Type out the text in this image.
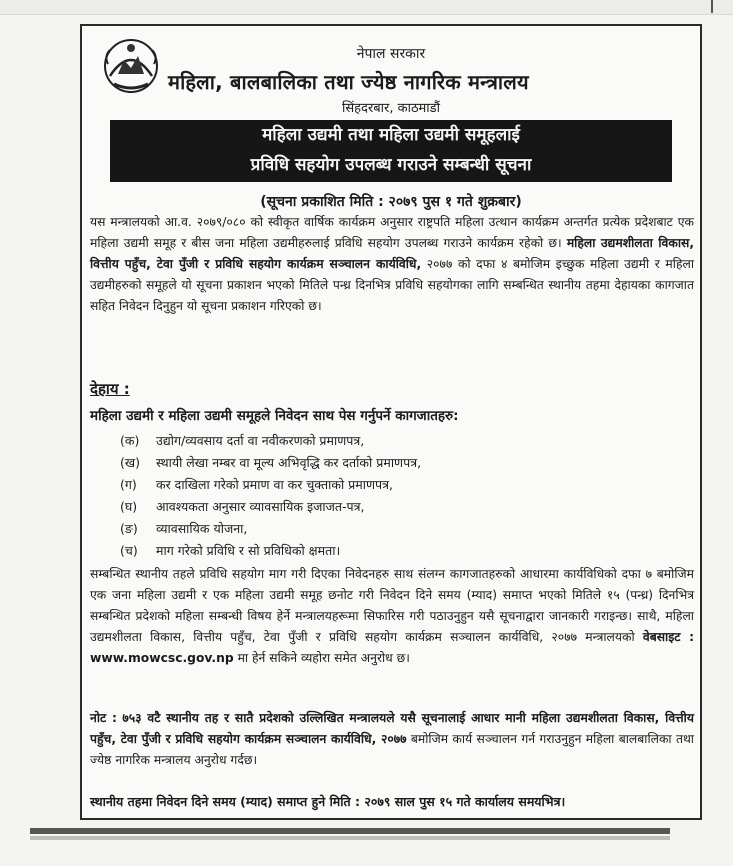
नेपाल सरकार
महिला, बालबालिका तथा ज्येष्ठ नागरिक मन्त्रालय
सिंहदरबार, काठमाडौं
महिला उद्यमी तथा महिला उद्यमी समूहलाई
प्रविधि सहयोग उपलब्ध गराउने सम्बन्धी सूचना
(सूचना प्रकाशित मिति : २०७९ पुस १ गते शुक्रबार)

यस मन्त्रालयको आ.व. २०७९/०८० को स्वीकृत वार्षिक कार्यक्रम अनुसार राष्ट्रपति महिला उत्थान कार्यक्रम अन्तर्गत प्रत्येक प्रदेशबाट एक महिला उद्यमी समूह र बीस जना महिला उद्यमीहरुलाई प्रविधि सहयोग उपलब्ध गराउने कार्यक्रम रहेको छ। महिला उद्यमशीलता विकास, वित्तीय पहुँच, टेवा पुँजी र प्रविधि सहयोग कार्यक्रम सञ्चालन कार्यविधि, २०७७ को दफा ४ बमोजिम इच्छुक महिला उद्यमी र महिला उद्यमीहरुको समूहले यो सूचना प्रकाशन भएको मितिले पन्ध्र दिनभित्र प्रविधि सहयोगका लागि सम्बन्धित स्थानीय तहमा देहायका कागजात सहित निवेदन दिनुहुन यो सूचना प्रकाशन गरिएको छ।

देहाय :
महिला उद्यमी र महिला उद्यमी समूहले निवेदन साथ पेस गर्नुपर्ने कागजातहरु:
(क) उद्योग/व्यवसाय दर्ता वा नवीकरणको प्रमाणपत्र,
(ख) स्थायी लेखा नम्बर वा मूल्य अभिवृद्धि कर दर्ताको प्रमाणपत्र,
(ग) कर दाखिला गरेको प्रमाण वा कर चुक्ताको प्रमाणपत्र,
(घ) आवश्यकता अनुसार व्यावसायिक इजाजत-पत्र,
(ङ) व्यावसायिक योजना,
(च) माग गरेको प्रविधि र सो प्रविधिको क्षमता।

सम्बन्धित स्थानीय तहले प्रविधि सहयोग माग गरी दिएका निवेदनहरु साथ संलग्न कागजातहरुको आधारमा कार्यविधिको दफा ७ बमोजिम एक जना महिला उद्यमी र एक महिला उद्यमी समूह छनोट गरी निवेदन दिने समय (म्याद) समाप्त भएको मितिले १५ (पन्ध्र) दिनभित्र सम्बन्धित प्रदेशको महिला सम्बन्धी विषय हेर्ने मन्त्रालयहरूमा सिफारिस गरी पठाउनुहुन यसै सूचनाद्वारा जानकारी गराइन्छ। साथै, महिला उद्यमशीलता विकास, वित्तीय पहुँच, टेवा पुँजी र प्रविधि सहयोग कार्यक्रम सञ्चालन कार्यविधि, २०७७ मन्त्रालयको वेबसाइट : www.mowcsc.gov.np मा हेर्न सकिने व्यहोरा समेत अनुरोध छ।

नोट : ७५३ वटै स्थानीय तह र सातै प्रदेशको उल्लिखित मन्त्रालयले यसै सूचनालाई आधार मानी महिला उद्यमशीलता विकास, वित्तीय पहुँच, टेवा पुँजी र प्रविधि सहयोग कार्यक्रम सञ्चालन कार्यविधि, २०७७ बमोजिम कार्य सञ्चालन गर्न गराउनुहुन महिला बालबालिका तथा ज्येष्ठ नागरिक मन्त्रालय अनुरोध गर्दछ।

स्थानीय तहमा निवेदन दिने समय (म्याद) समाप्त हुने मिति : २०७९ साल पुस १५ गते कार्यालय समयभित्र।
